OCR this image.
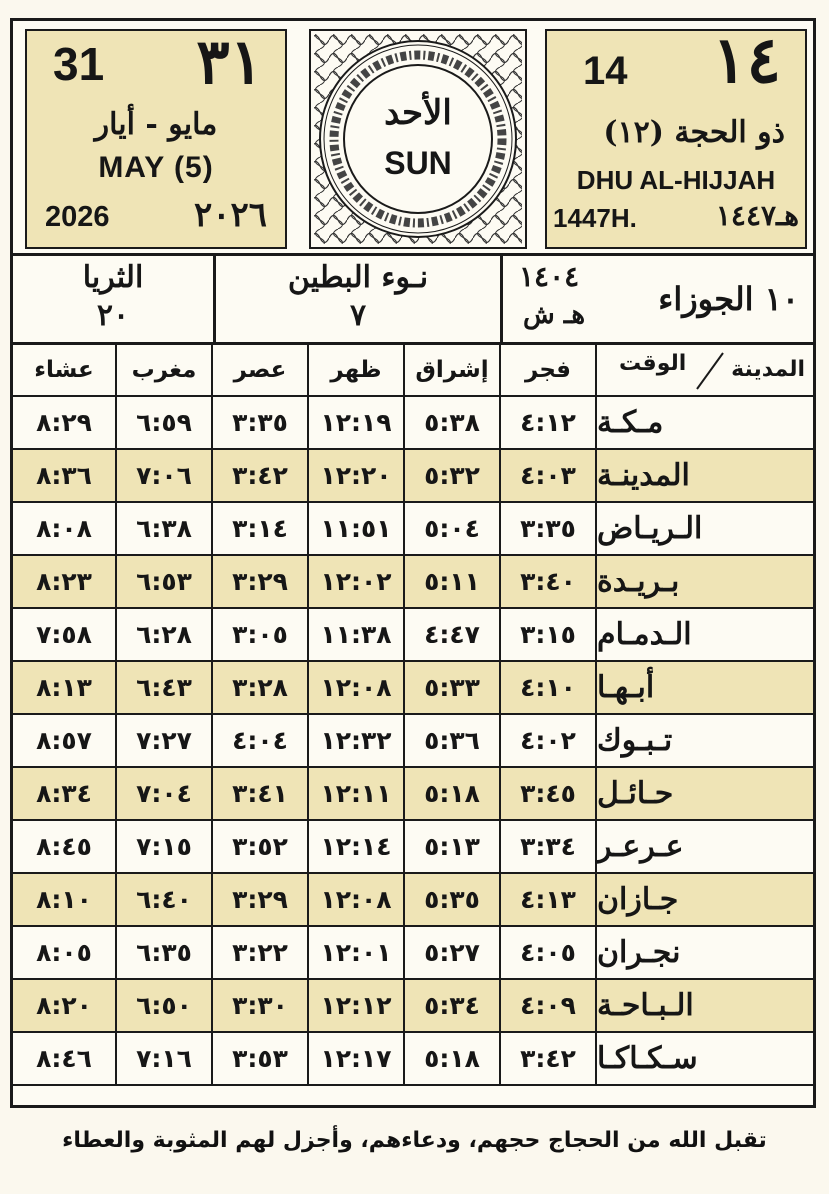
31 ٣١
مايو - أيار
MAY (5)
2026 ٢٠٢٦
الأحد
SUN
14 ١٤
ذو الحجة (١٢)
DHU AL-HIJJAH
1447H.	هـ١٤٤٧
الثريا
٢٠
نـوء البطين
٧
١٤٠٤
هـ ش ١٠ الجوزاء
عشاء	مغرب	عصر	ظهر	إشراق	فجر	الوقت المدينة
٨:٢٩	٦:٥٩	٣:٣٥	١٢:١٩	٥:٣٨	٤:١٢ مـكـة
٨:٣٦	٧:٠٦	٣:٤٢	١٢:٢٠	٥:٣٢	٤:٠٣ المدينـة
٨:٠٨	٦:٣٨	٣:١٤	١١:٥١	٥:٠٤	٣:٣٥ الـريـاض
٨:٢٣	٦:٥٣	٣:٢٩	١٢:٠٢	٥:١١	٣:٤٠ بـريـدة
٧:٥٨	٦:٢٨	٣:٠٥	١١:٣٨	٤:٤٧	٣:١٥ الـدمـام
٨:١٣	٦:٤٣	٣:٢٨	١٢:٠٨	٥:٣٣	٤:١٠ أبـهـا
٨:٥٧	٧:٢٧	٤:٠٤	١٢:٣٢	٥:٣٦	٤:٠٢ تـبـوك
٨:٣٤	٧:٠٤	٣:٤١	١٢:١١	٥:١٨	٣:٤٥ حـائـل
٨:٤٥	٧:١٥	٣:٥٢	١٢:١٤	٥:١٣	٣:٣٤ عـرعـر
٨:١٠	٦:٤٠	٣:٢٩	١٢:٠٨	٥:٣٥	٤:١٣ جـازان
٨:٠٥	٦:٣٥	٣:٢٢	١٢:٠١	٥:٢٧	٤:٠٥ نجـران
٨:٢٠	٦:٥٠	٣:٣٠	١٢:١٢	٥:٣٤	٤:٠٩ الـبـاحـة
٨:٤٦	٧:١٦	٣:٥٣	١٢:١٧	٥:١٨	٣:٤٢ سـكـاكـا
تقبل الله من الحجاج حجهم، ودعاءهم، وأجزل لهم المثوبة والعطاء
